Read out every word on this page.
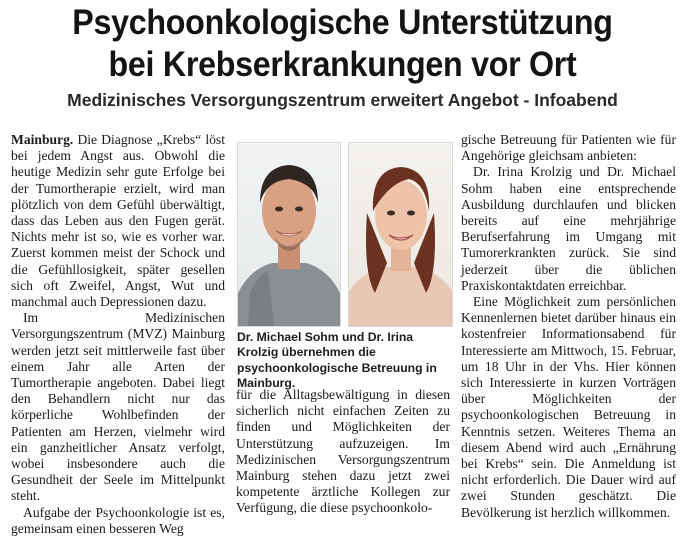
Psychoonkologische Unterstützung
bei Krebserkrankungen vor Ort
Medizinisches Versorgungszentrum erweitert Angebot - Infoabend

Mainburg. Die Diagnose „Krebs“ löst bei jedem Angst aus. Obwohl die heutige Medizin sehr gute Erfolge bei der Tumortherapie erzielt, wird man plötzlich von dem Gefühl überwältigt, dass das Leben aus den Fugen gerät. Nichts mehr ist so, wie es vorher war. Zuerst kommen meist der Schock und die Gefühllosigkeit, später gesellen sich oft Zweifel, Angst, Wut und manchmal auch Depressionen dazu.

Im Medizinischen Versorgungszentrum (MVZ) Mainburg werden jetzt seit mittlerweile fast über einem Jahr alle Arten der Tumortherapie angeboten. Dabei liegt den Behandlern nicht nur das körperliche Wohlbefinden der Patienten am Herzen, vielmehr wird ein ganzheitlicher Ansatz verfolgt, wobei insbesondere auch die Gesundheit der Seele im Mittelpunkt steht.

Aufgabe der Psychoonkologie ist es, gemeinsam einen besseren Weg

Dr. Michael Sohm und Dr. Irina Krolzig übernehmen die psychoonkologische Betreuung in Mainburg.

für die Alltagsbewältigung in diesen sicherlich nicht einfachen Zeiten zu finden und Möglichkeiten der Unterstützung aufzuzeigen. Im Medizinischen Versorgungszentrum Mainburg stehen dazu jetzt zwei kompetente ärztliche Kollegen zur Verfügung, die diese psychoonkolo-

gische Betreuung für Patienten wie für Angehörige gleichsam anbieten:

Dr. Irina Krolzig und Dr. Michael Sohm haben eine entsprechende Ausbildung durchlaufen und blicken bereits auf eine mehrjährige Berufserfahrung im Umgang mit Tumorerkrankten zurück. Sie sind jederzeit über die üblichen Praxiskontaktdaten erreichbar.

Eine Möglichkeit zum persönlichen Kennenlernen bietet darüber hinaus ein kostenfreier Informationsabend für Interessierte am Mittwoch, 15. Februar, um 18 Uhr in der Vhs. Hier können sich Interessierte in kurzen Vorträgen über Möglichkeiten der psychoonkologischen Betreuung in Kenntnis setzen. Weiteres Thema an diesem Abend wird auch „Ernährung bei Krebs“ sein. Die Anmeldung ist nicht erforderlich. Die Dauer wird auf zwei Stunden geschätzt. Die Bevölkerung ist herzlich willkommen.
